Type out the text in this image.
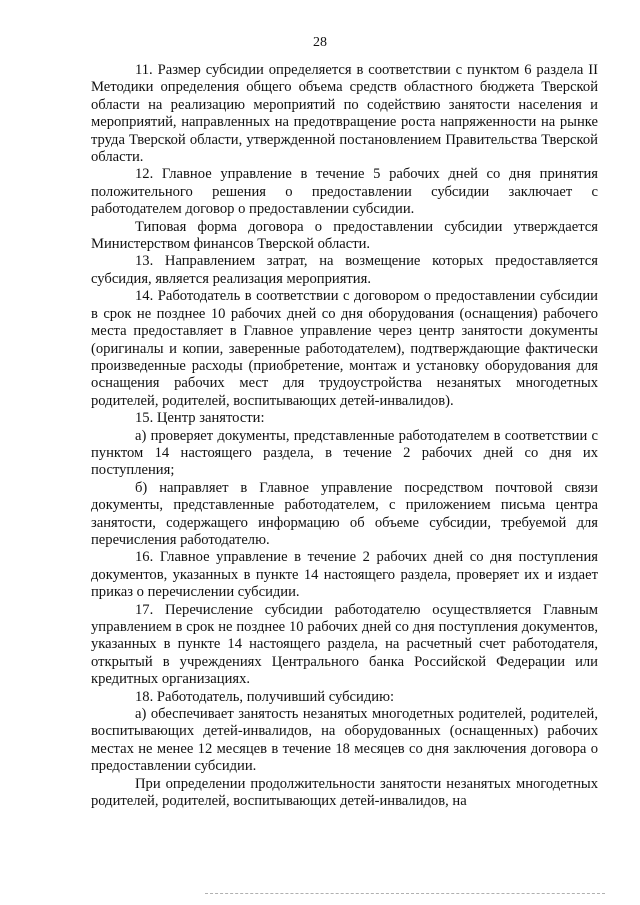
28

11. Размер субсидии определяется в соответствии с пунктом 6 раздела II Методики определения общего объема средств областного бюджета Тверской области на реализацию мероприятий по содействию занятости населения и мероприятий, направленных на предотвращение роста напряженности на рынке труда Тверской области, утвержденной постановлением Правительства Тверской области.

12. Главное управление в течение 5 рабочих дней со дня принятия положительного решения о предоставлении субсидии заключает с работодателем договор о предоставлении субсидии.

Типовая форма договора о предоставлении субсидии утверждается Министерством финансов Тверской области.

13. Направлением затрат, на возмещение которых предоставляется субсидия, является реализация мероприятия.

14. Работодатель в соответствии с договором о предоставлении субсидии в срок не позднее 10 рабочих дней со дня оборудования (оснащения) рабочего места предоставляет в Главное управление через центр занятости документы (оригиналы и копии, заверенные работодателем), подтверждающие фактически произведенные расходы (приобретение, монтаж и установку оборудования для оснащения рабочих мест для трудоустройства незанятых многодетных родителей, родителей, воспитывающих детей-инвалидов).

15. Центр занятости:

а) проверяет документы, представленные работодателем в соответствии с пунктом 14 настоящего раздела, в течение 2 рабочих дней со дня их поступления;

б) направляет в Главное управление посредством почтовой связи документы, представленные работодателем, с приложением письма центра занятости, содержащего информацию об объеме субсидии, требуемой для перечисления работодателю.

16. Главное управление в течение 2 рабочих дней со дня поступления документов, указанных в пункте 14 настоящего раздела, проверяет их и издает приказ о перечислении субсидии.

17. Перечисление субсидии работодателю осуществляется Главным управлением в срок не позднее 10 рабочих дней со дня поступления документов, указанных в пункте 14 настоящего раздела, на расчетный счет работодателя, открытый в учреждениях Центрального банка Российской Федерации или кредитных организациях.

18. Работодатель, получивший субсидию:

а) обеспечивает занятость незанятых многодетных родителей, родителей, воспитывающих детей-инвалидов, на оборудованных (оснащенных) рабочих местах не менее 12 месяцев в течение 18 месяцев со дня заключения договора о предоставлении субсидии.

При определении продолжительности занятости незанятых многодетных родителей, родителей, воспитывающих детей-инвалидов, на
